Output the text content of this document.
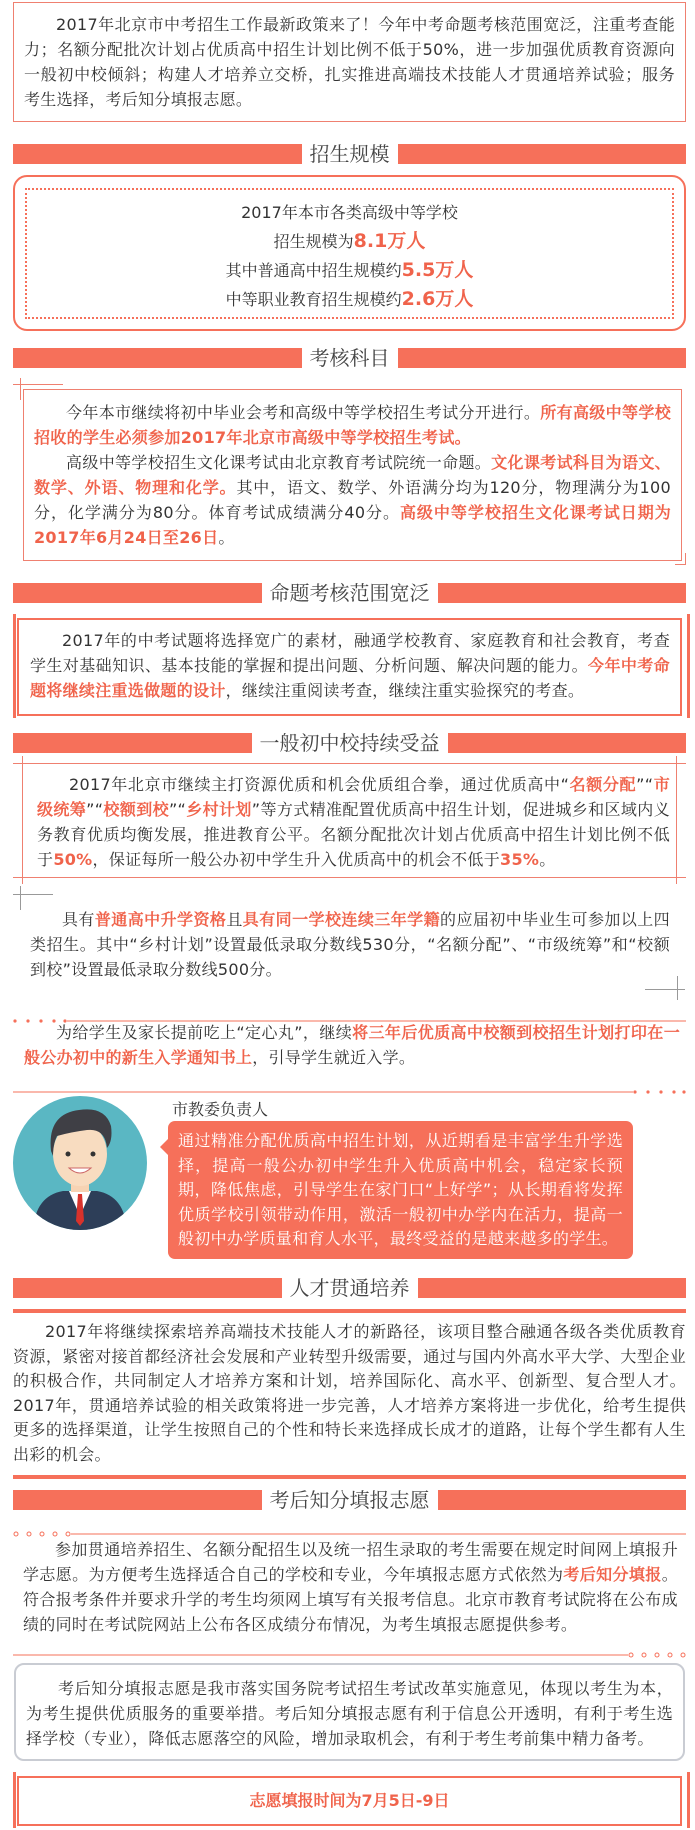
2017年北京市中考招生工作最新政策来了！今年中考命题考核范围宽泛，注重考查能力；名额分配批次计划占优质高中招生计划比例不低于50%，进一步加强优质教育资源向一般初中校倾斜；构建人才培养立交桥，扎实推进高端技术技能人才贯通培养试验；服务考生选择，考后知分填报志愿。
招生规模
2017年本市各类高级中等学校
招生规模为8.1万人
其中普通高中招生规模约5.5万人
中等职业教育招生规模约2.6万人
考核科目
今年本市继续将初中毕业会考和高级中等学校招生考试分开进行。所有高级中等学校招收的学生必须参加2017年北京市高级中等学校招生考试。
高级中等学校招生文化课考试由北京教育考试院统一命题。文化课考试科目为语文、数学、外语、物理和化学。其中，语文、数学、外语满分均为120分，物理满分为100分，化学满分为80分。体育考试成绩满分40分。高级中等学校招生文化课考试日期为2017年6月24日至26日。
命题考核范围宽泛
2017年的中考试题将选择宽广的素材，融通学校教育、家庭教育和社会教育，考查学生对基础知识、基本技能的掌握和提出问题、分析问题、解决问题的能力。今年中考命题将继续注重选做题的设计，继续注重阅读考查，继续注重实验探究的考查。
一般初中校持续受益
2017年北京市继续主打资源优质和机会优质组合拳，通过优质高中“名额分配”“市级统筹”“校额到校”“乡村计划”等方式精准配置优质高中招生计划，促进城乡和区域内义务教育优质均衡发展，推进教育公平。名额分配批次计划占优质高中招生计划比例不低于50%，保证每所一般公办初中学生升入优质高中的机会不低于35%。
具有普通高中升学资格且具有同一学校连续三年学籍的应届初中毕业生可参加以上四类招生。其中“乡村计划”设置最低录取分数线530分，“名额分配”、“市级统筹”和“校额到校”设置最低录取分数线500分。
为给学生及家长提前吃上“定心丸”，继续将三年后优质高中校额到校招生计划打印在一般公办初中的新生入学通知书上，引导学生就近入学。
市教委负责人
通过精准分配优质高中招生计划，从近期看是丰富学生升学选择，提高一般公办初中学生升入优质高中机会，稳定家长预期，降低焦虑，引导学生在家门口“上好学”；从长期看将发挥优质学校引领带动作用，激活一般初中办学内在活力，提高一般初中办学质量和育人水平，最终受益的是越来越多的学生。
人才贯通培养
2017年将继续探索培养高端技术技能人才的新路径，该项目整合融通各级各类优质教育资源，紧密对接首都经济社会发展和产业转型升级需要，通过与国内外高水平大学、大型企业的积极合作，共同制定人才培养方案和计划，培养国际化、高水平、创新型、复合型人才。2017年，贯通培养试验的相关政策将进一步完善，人才培养方案将进一步优化，给考生提供更多的选择渠道，让学生按照自己的个性和特长来选择成长成才的道路，让每个学生都有人生出彩的机会。
考后知分填报志愿
参加贯通培养招生、名额分配招生以及统一招生录取的考生需要在规定时间网上填报升学志愿。为方便考生选择适合自己的学校和专业，今年填报志愿方式依然为考后知分填报。符合报考条件并要求升学的考生均须网上填写有关报考信息。北京市教育考试院将在公布成绩的同时在考试院网站上公布各区成绩分布情况，为考生填报志愿提供参考。
考后知分填报志愿是我市落实国务院考试招生考试改革实施意见，体现以考生为本，为考生提供优质服务的重要举措。考后知分填报志愿有利于信息公开透明，有利于考生选择学校（专业），降低志愿落空的风险，增加录取机会，有利于考生考前集中精力备考。
志愿填报时间为7月5日-9日
